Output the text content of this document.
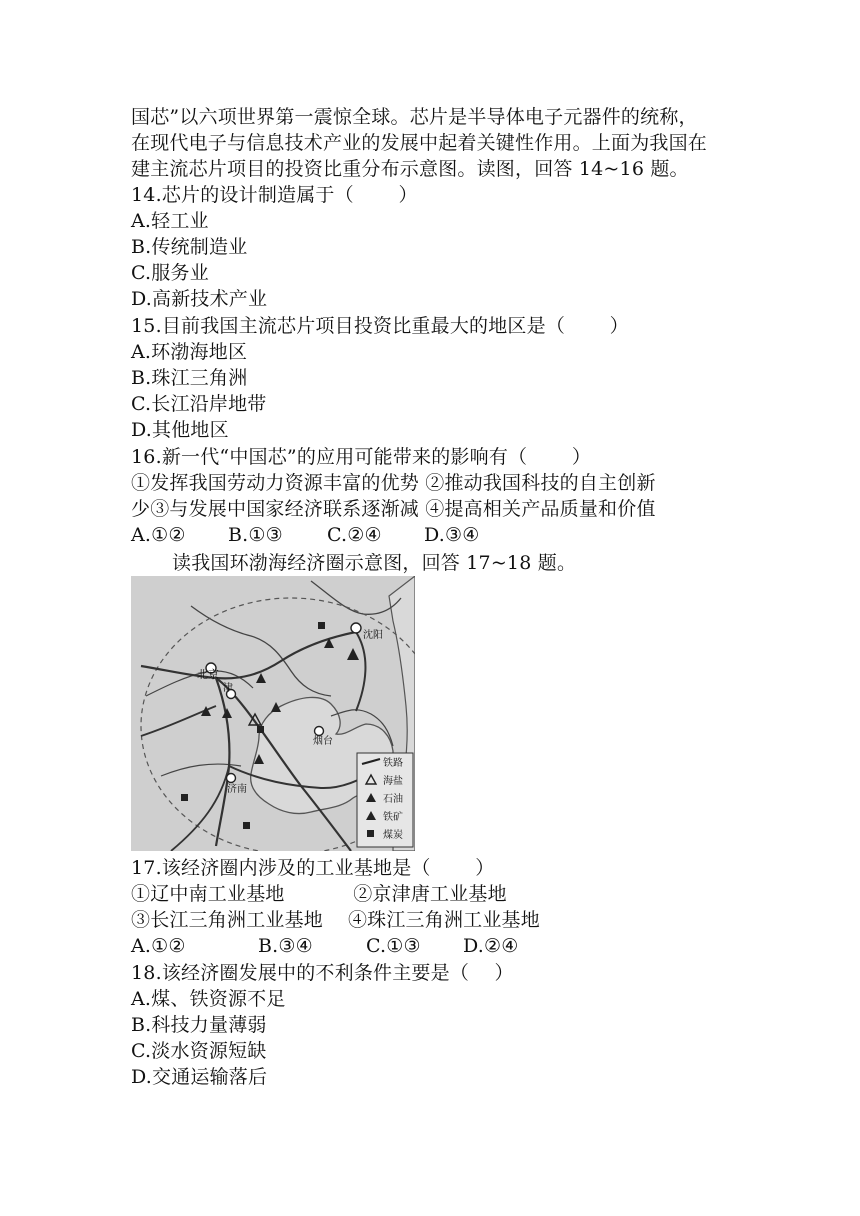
国芯”以六项世界第一震惊全球。芯片是半导体电子元器件的统称，
在现代电子与信息技术产业的发展中起着关键性作用。上面为我国在
建主流芯片项目的投资比重分布示意图。读图，回答 14~16 题。
14.芯片的设计制造属于（　　 ）
A.轻工业
B.传统制造业
C.服务业
D.高新技术产业
15.目前我国主流芯片项目投资比重最大的地区是（　　 ）
A.环渤海地区
B.珠江三角洲
C.长江沿岸地带
D.其他地区
16.新一代“中国芯”的应用可能带来的影响有（　　 ）
①发挥我国劳动力资源丰富的优势 ②推动我国科技的自主创新
少③与发展中国家经济联系逐渐减 ④提高相关产品质量和价值
A.①② B.①③ C.②④ D.③④
读我国环渤海经济圈示意图，回答 17~18 题。
沈阳
北京
津
烟台
济南
铁路
海盐
石油
铁矿
煤炭
17.该经济圈内涉及的工业基地是（　　 ）
①辽中南工业基地           ②京津唐工业基地
③长江三角洲工业基地    ④珠江三角洲工业基地
A.①②	B.③④	C.①③ D.②④
18.该经济圈发展中的不利条件主要是（　 ）
A.煤、铁资源不足
B.科技力量薄弱
C.淡水资源短缺
D.交通运输落后
